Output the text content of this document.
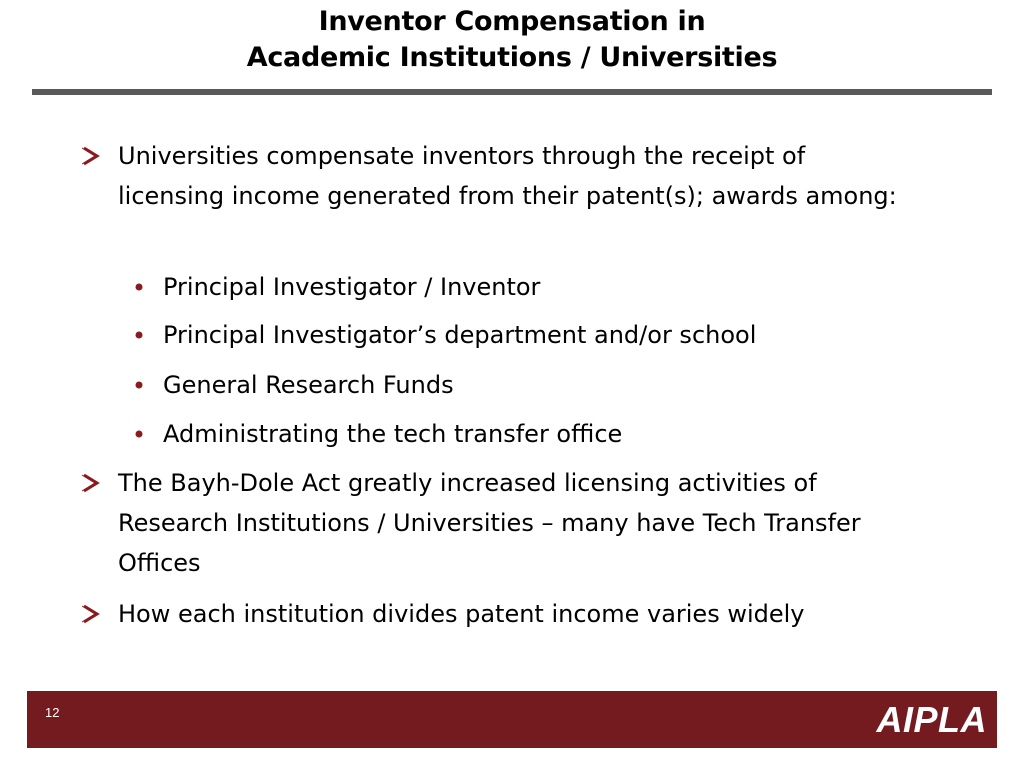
Inventor Compensation in
Academic Institutions / Universities
Universities compensate inventors through the receipt of licensing income generated from their patent(s); awards among:
Principal Investigator / Inventor
Principal Investigator’s department and/or school
General Research Funds
Administrating the tech transfer office
The Bayh-Dole Act greatly increased licensing activities of Research Institutions / Universities – many have Tech Transfer Offices
How each institution divides patent income varies widely
12	AIPLA
